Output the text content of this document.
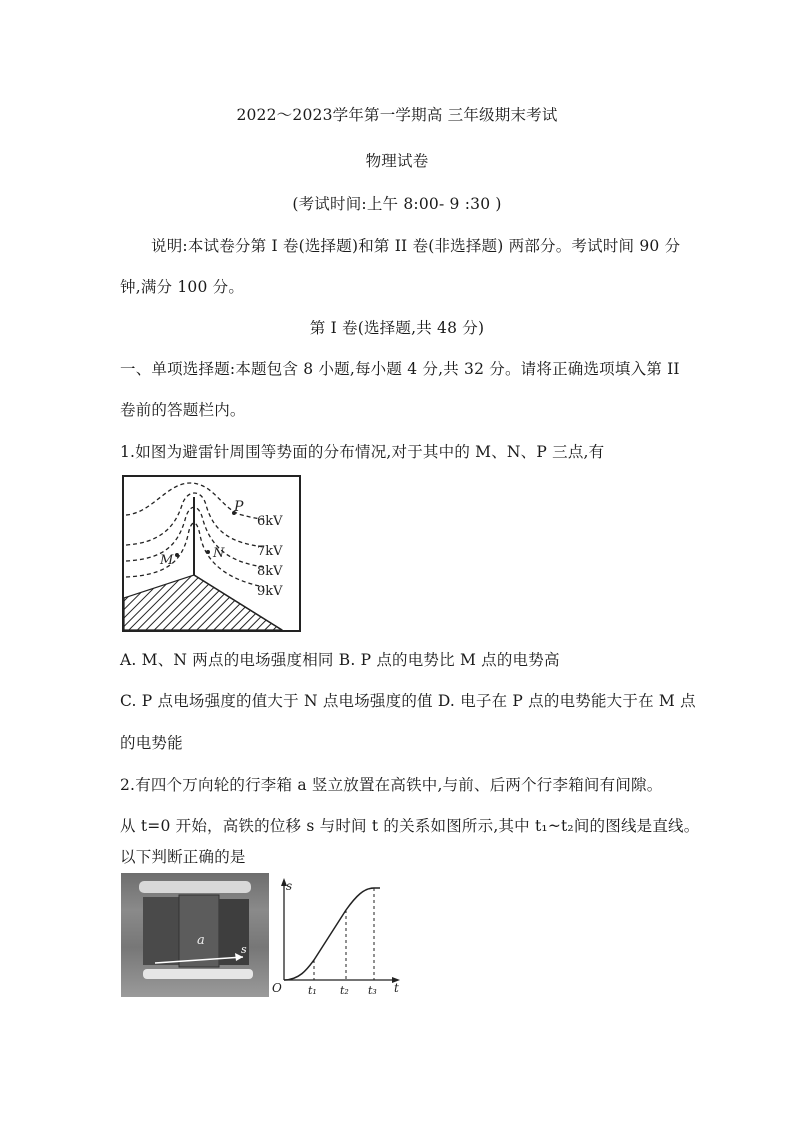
2022～2023学年第一学期高 三年级期末考试
物理试卷
(考试时间:上午 8:00- 9 :30 )
说明:本试卷分第 I 卷(选择题)和第 II 卷(非选择题) 两部分。考试时间 90 分
钟,满分 100 分。
第 I 卷(选择题,共 48 分)
一、单项选择题:本题包含 8 小题,每小题 4 分,共 32 分。请将正确选项填入第 II
卷前的答题栏内。
1.如图为避雷针周围等势面的分布情况,对于其中的 M、N、P 三点,有
P
M	N
6kV
7kV
8kV
9kV
A. M、N 两点的电场强度相同 B. P 点的电势比 M 点的电势高
C. P 点电场强度的值大于 N 点电场强度的值 D. 电子在 P 点的电势能大于在 M 点
的电势能
2.有四个万向轮的行李箱 a 竖立放置在高铁中,与前、后两个行李箱间有间隙。
从 t=0 开始，高铁的位移 s 与时间 t 的关系如图所示,其中 t₁~t₂间的图线是直线。
以下判断正确的是
a
s
s
t
O t₁ t₂ t₃
